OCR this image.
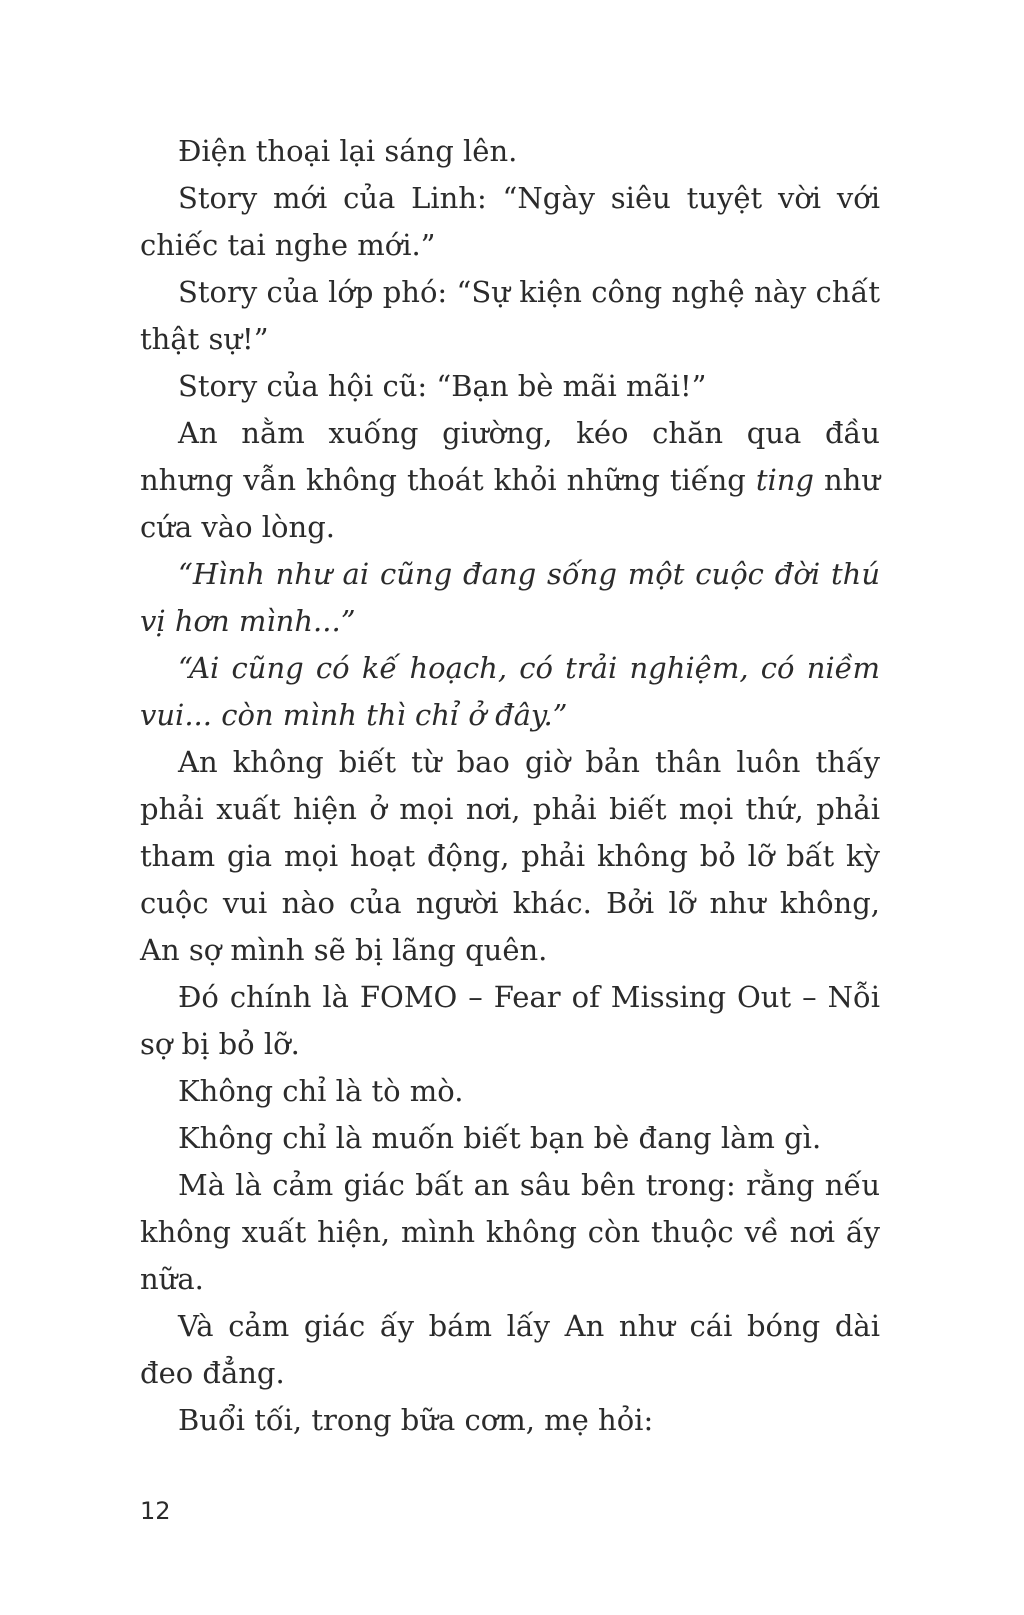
Điện thoại lại sáng lên.

Story mới của Linh: “Ngày siêu tuyệt vời với chiếc tai nghe mới.”

Story của lớp phó: “Sự kiện công nghệ này chất thật sự!”

Story của hội cũ: “Bạn bè mãi mãi!”

An nằm xuống giường, kéo chăn qua đầu nhưng vẫn không thoát khỏi những tiếng ting như cứa vào lòng.

“Hình như ai cũng đang sống một cuộc đời thú vị hơn mình...”

“Ai cũng có kế hoạch, có trải nghiệm, có niềm vui... còn mình thì chỉ ở đây.”

An không biết từ bao giờ bản thân luôn thấy phải xuất hiện ở mọi nơi, phải biết mọi thứ, phải tham gia mọi hoạt động, phải không bỏ lỡ bất kỳ cuộc vui nào của người khác. Bởi lỡ như không, An sợ mình sẽ bị lãng quên.

Đó chính là FOMO – Fear of Missing Out – Nỗi sợ bị bỏ lỡ.

Không chỉ là tò mò.

Không chỉ là muốn biết bạn bè đang làm gì.

Mà là cảm giác bất an sâu bên trong: rằng nếu không xuất hiện, mình không còn thuộc về nơi ấy nữa.

Và cảm giác ấy bám lấy An như cái bóng dài đeo đẳng.

Buổi tối, trong bữa cơm, mẹ hỏi:

12
